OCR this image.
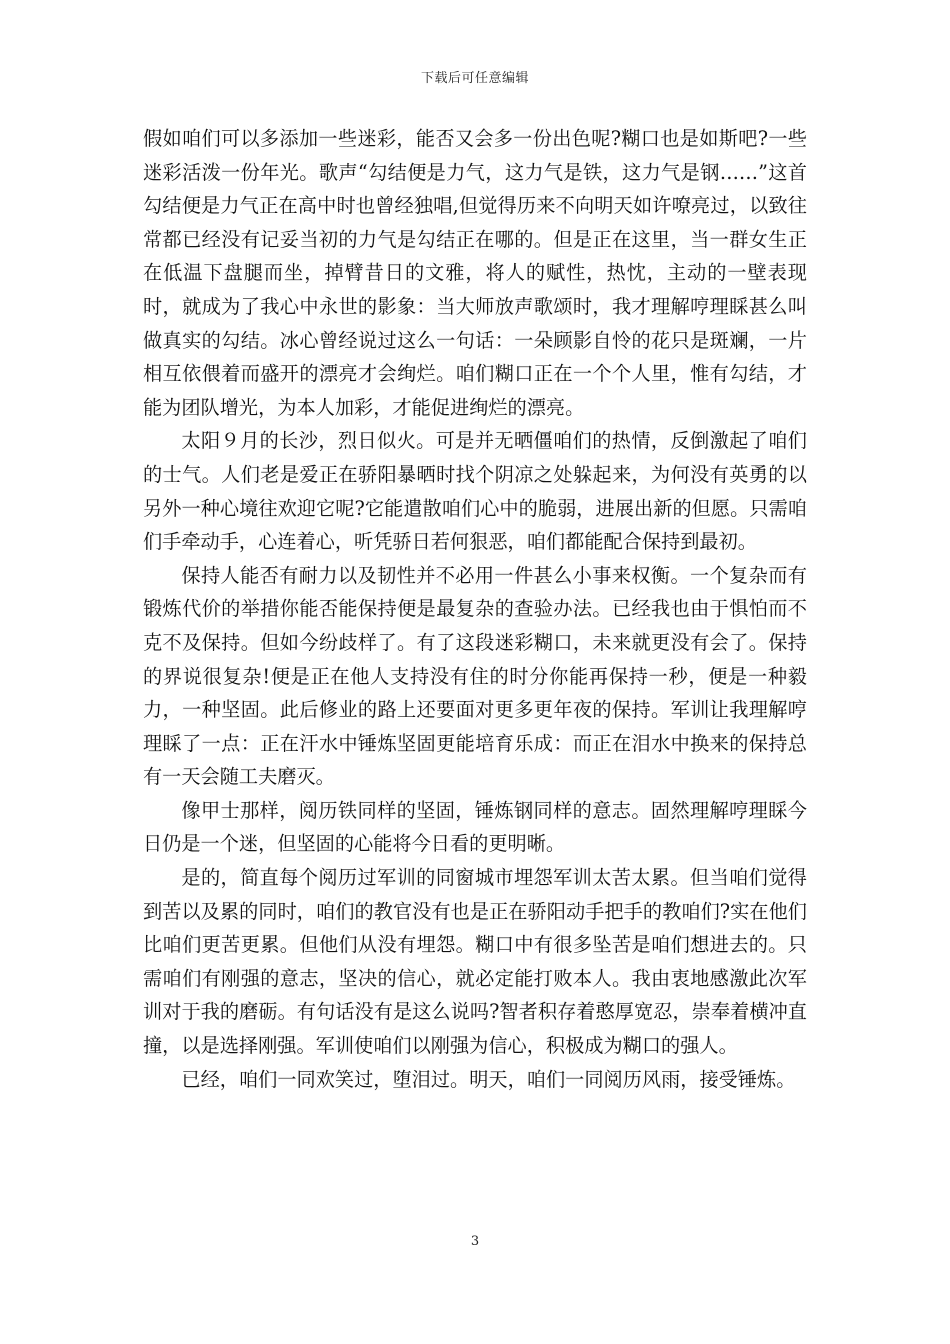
下载后可任意编辑

假如咱们可以多添加一些迷彩，能否又会多一份出色呢?糊口也是如斯吧?一些迷彩活泼一份年光。歌声“勾结便是力气，这力气是铁，这力气是钢……”这首勾结便是力气正在高中时也曾经独唱,但觉得历来不向明天如许嘹亮过，以致往常都已经没有记妥当初的力气是勾结正在哪的。但是正在这里，当一群女生正在低温下盘腿而坐，掉臂昔日的文雅，将人的赋性，热忱，主动的一壁表现时，就成为了我心中永世的影象：当大师放声歌颂时，我才理解哼理睬甚么叫做真实的勾结。冰心曾经说过这么一句话：一朵顾影自怜的花只是斑斓，一片相互依偎着而盛开的漂亮才会绚烂。咱们糊口正在一个个人里，惟有勾结，才能为团队增光，为本人加彩，才能促进绚烂的漂亮。

太阳９月的长沙，烈日似火。可是并无晒僵咱们的热情，反倒激起了咱们的士气。人们老是爱正在骄阳暴晒时找个阴凉之处躲起来，为何没有英勇的以另外一种心境往欢迎它呢?它能遣散咱们心中的脆弱，进展出新的但愿。只需咱们手牵动手，心连着心，听凭骄日若何狠恶，咱们都能配合保持到最初。

保持人能否有耐力以及韧性并不必用一件甚么小事来权衡。一个复杂而有锻炼代价的举措你能否能保持便是最复杂的查验办法。已经我也由于惧怕而不克不及保持。但如今纷歧样了。有了这段迷彩糊口，未来就更没有会了。保持的界说很复杂!便是正在他人支持没有住的时分你能再保持一秒，便是一种毅力，一种坚固。此后修业的路上还要面对更多更年夜的保持。军训让我理解哼理睬了一点：正在汗水中锤炼坚固更能培育乐成：而正在泪水中换来的保持总有一天会随工夫磨灭。

像甲士那样，阅历铁同样的坚固，锤炼钢同样的意志。固然理解哼理睬今日仍是一个迷，但坚固的心能将今日看的更明晰。

是的，简直每个阅历过军训的同窗城市埋怨军训太苦太累。但当咱们觉得到苦以及累的同时，咱们的教官没有也是正在骄阳动手把手的教咱们?实在他们比咱们更苦更累。但他们从没有埋怨。糊口中有很多坠苦是咱们想进去的。只需咱们有刚强的意志，坚决的信心，就必定能打败本人。我由衷地感激此次军训对于我的磨砺。有句话没有是这么说吗?智者积存着憨厚宽忍，崇奉着横冲直撞，以是选择刚强。军训使咱们以刚强为信心，积极成为糊口的强人。

已经，咱们一同欢笑过，堕泪过。明天，咱们一同阅历风雨，接受锤炼。

3
